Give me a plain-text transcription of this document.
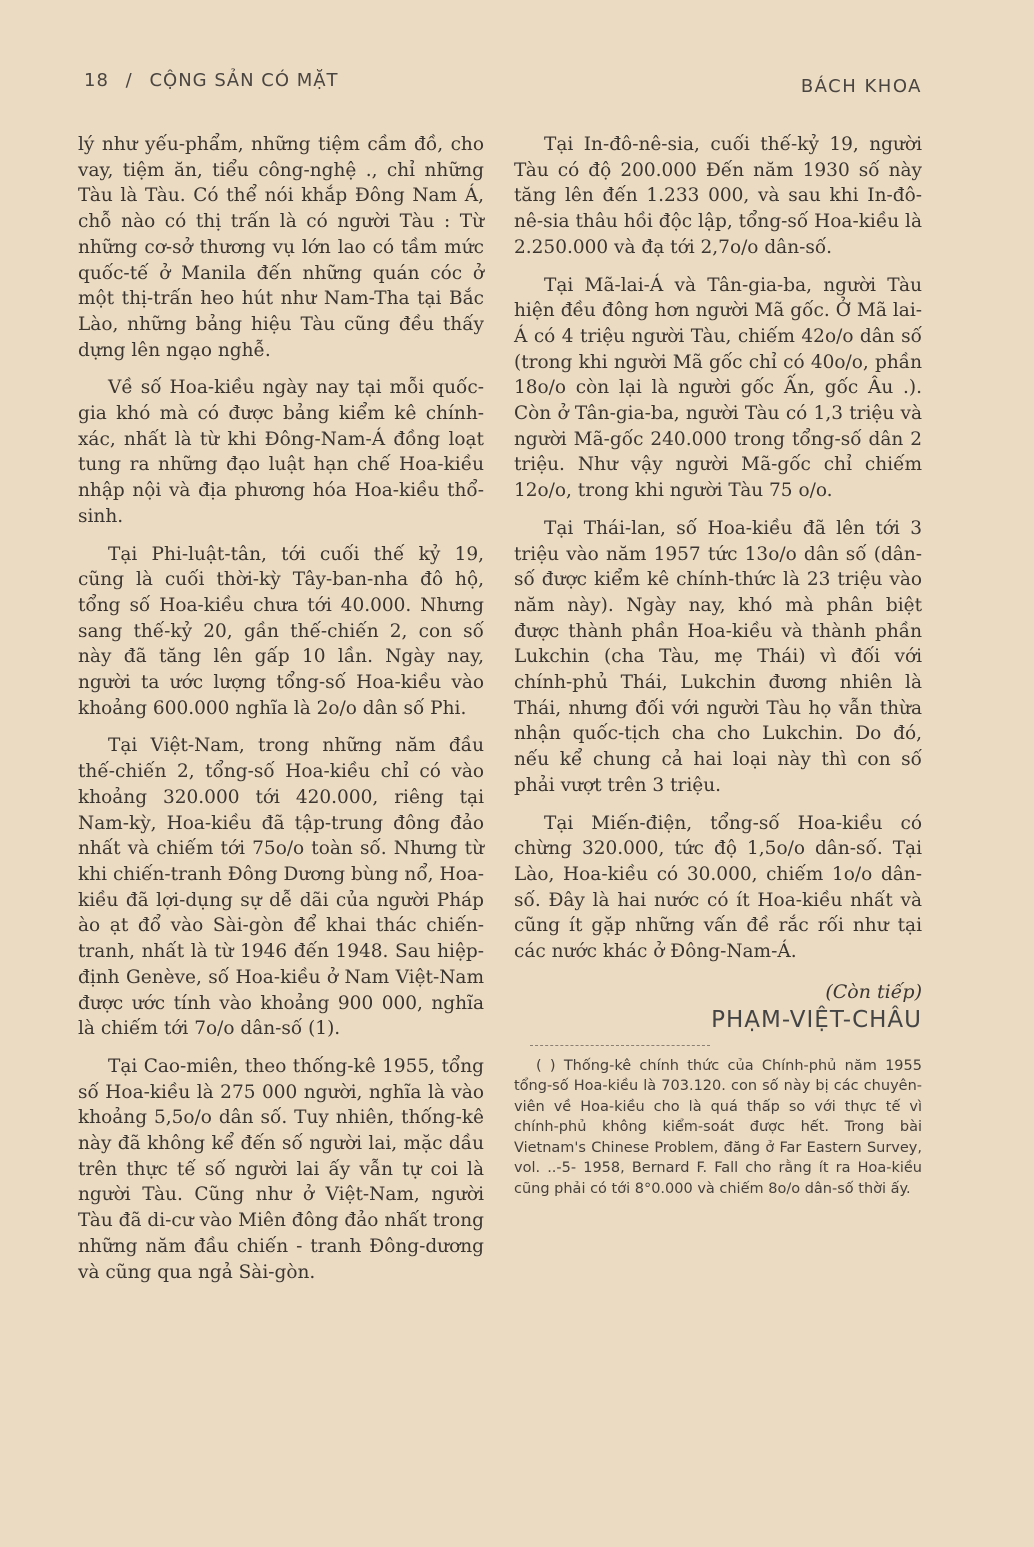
18 / CỘNG SẢN CÓ MẶT	BÁCH KHOA

lý như yếu-phẩm, những tiệm cầm đồ, cho vay, tiệm ăn, tiểu công-nghệ ., chỉ những Tàu là Tàu. Có thể nói khắp Đông Nam Á, chỗ nào có thị trấn là có người Tàu : Từ những cơ-sở thương vụ lớn lao có tầm mức quốc-tế ở Manila đến những quán cóc ở một thị-trấn heo hút như Nam-Tha tại Bắc Lào, những bảng hiệu Tàu cũng đều thấy dựng lên ngạo nghễ.

Về số Hoa-kiều ngày nay tại mỗi quốc-gia khó mà có được bảng kiểm kê chính-xác, nhất là từ khi Đông-Nam-Á đồng loạt tung ra những đạo luật hạn chế Hoa-kiều nhập nội và địa phương hóa Hoa-kiều thổ-sinh.

Tại Phi-luật-tân, tới cuối thế kỷ 19, cũng là cuối thời-kỳ Tây-ban-nha đô hộ, tổng số Hoa-kiều chưa tới 40.000. Nhưng sang thế-kỷ 20, gần thế-chiến 2, con số này đã tăng lên gấp 10 lần. Ngày nay, người ta ước lượng tổng-số Hoa-kiều vào khoảng 600.000 nghĩa là 2o/o dân số Phi.

Tại Việt-Nam, trong những năm đầu thế-chiến 2, tổng-số Hoa-kiều chỉ có vào khoảng 320.000 tới 420.000, riêng tại Nam-kỳ, Hoa-kiều đã tập-trung đông đảo nhất và chiếm tới 75o/o toàn số. Nhưng từ khi chiến-tranh Đông Dương bùng nổ, Hoa-kiều đã lợi-dụng sự dễ dãi của người Pháp ào ạt đổ vào Sài-gòn để khai thác chiến-tranh, nhất là từ 1946 đến 1948. Sau hiệp-định Genève, số Hoa-kiều ở Nam Việt-Nam được ước tính vào khoảng 900 000, nghĩa là chiếm tới 7o/o dân-số (1).

Tại Cao-miên, theo thống-kê 1955, tổng số Hoa-kiều là 275 000 người, nghĩa là vào khoảng 5,5o/o dân số. Tuy nhiên, thống-kê này đã không kể đến số người lai, mặc dầu trên thực tế số người lai ấy vẫn tự coi là người Tàu. Cũng như ở Việt-Nam, người Tàu đã di-cư vào Miên đông đảo nhất trong những năm đầu chiến - tranh Đông-dương và cũng qua ngả Sài-gòn.

Tại In-đô-nê-sia, cuối thế-kỷ 19, người Tàu có độ 200.000 Đến năm 1930 số này tăng lên đến 1.233 000, và sau khi In-đô-nê-sia thâu hồi độc lập, tổng-số Hoa-kiều là 2.250.000 và đạ tới 2,7o/o dân-số.

Tại Mã-lai-Á và Tân-gia-ba, người Tàu hiện đều đông hơn người Mã gốc. Ở Mã lai-Á có 4 triệu người Tàu, chiếm 42o/o dân số (trong khi người Mã gốc chỉ có 40o/o, phần 18o/o còn lại là người gốc Ấn, gốc Âu .). Còn ở Tân-gia-ba, người Tàu có 1,3 triệu và người Mã-gốc 240.000 trong tổng-số dân 2 triệu. Như vậy người Mã-gốc chỉ chiếm 12o/o, trong khi người Tàu 75 o/o.

Tại Thái-lan, số Hoa-kiều đã lên tới 3 triệu vào năm 1957 tức 13o/o dân số (dân-số được kiểm kê chính-thức là 23 triệu vào năm này). Ngày nay, khó mà phân biệt được thành phần Hoa-kiều và thành phần Lukchin (cha Tàu, mẹ Thái) vì đối với chính-phủ Thái, Lukchin đương nhiên là Thái, nhưng đối với người Tàu họ vẫn thừa nhận quốc-tịch cha cho Lukchin. Do đó, nếu kể chung cả hai loại này thì con số phải vượt trên 3 triệu.

Tại Miến-điện, tổng-số Hoa-kiều có chừng 320.000, tức độ 1,5o/o dân-số. Tại Lào, Hoa-kiều có 30.000, chiếm 1o/o dân-số. Đây là hai nước có ít Hoa-kiều nhất và cũng ít gặp những vấn đề rắc rối như tại các nước khác ở Đông-Nam-Á.

(Còn tiếp)

PHẠM-VIỆT-CHÂU

( ) Thống-kê chính thức của Chính-phủ năm 1955 tổng-số Hoa-kiều là 703.120. con số này bị các chuyên-viên về Hoa-kiều cho là quá thấp so với thực tế vì chính-phủ không kiểm-soát được hết. Trong bài Vietnam's Chinese Problem, đăng ở Far Eastern Survey, vol. ..-5- 1958, Bernard F. Fall cho rằng ít ra Hoa-kiều cũng phải có tới 8°0.000 và chiếm 8o/o dân-số thời ấy.
